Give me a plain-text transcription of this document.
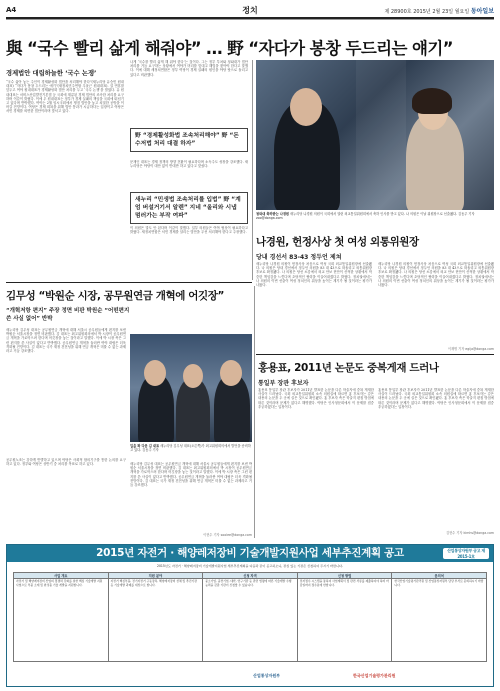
A4	정치	제 28900호 2015년 2월 23일 월요일 동아일보
與 “국수 빨리 삶게 해줘야” … 野 “자다가 봉창 두드리는 얘기”
경제법안 대립하늘한 ‘국수 논쟁’
“국수 삶아 놓는 주인이 경제활성화 법안을 처리해야 한다”(새누리당 유승민 원내대표) “자다가 봉창 두드리는 얘기”(새정치민주연합 우윤근 원내대표). 설 연휴를 앞두고 여야 원내대표가 경제활성화 법안 처리를 두고 ‘국수 논쟁’을 벌였다. 유 원내대표는 서비스산업발전기본법 등 국회에 계류된 경제 법안의 조속한 처리를 요구하며 이같이 밝혔다. 이에 우 원내대표는 정부가 경제 실패의 책임을 국회에 떠넘기고 있다며 반박했다. 여야는 2월 임시국회에서 쟁점 법안을 놓고 치열한 공방을 이어갈 전망이다. 여당은 경제 회복을 위해 법안 통과가 시급하다는 입장이고 야당은 서민 경제를 외면한 법안이라며 맞서고 있다.
나게 ‘국수를 빨리 삶게 해 줘야 한다’는 것이다. 그는 정부 부처와 청와대가 법안 처리를 거듭 요구하는 상황에서 여야가 머리를 맞대고 해법을 찾아야 한다고 말했다. 이에 대해 새정치연합은 정부 여당이 경제 실패의 원인을 야당 탓으로 돌리고 있다고 비판했다.
野 “경제활성화법 조속처리해야” 野 “돈수저법 처리 대결 하자”
문재인 대표는 경제 정책의 방향 전환이 필요하다며 소득주도 성장을 강조했다. 새누리당은 야당이 대안 없이 반대만 하고 있다고 맞섰다.
새누리 “민생법 조속처리를 입법” 野 “계엄 버설거기서 알렌” 지네 “올리와 시냅 멈러가는 부작 여파”
이 의원은 말도 안 된다며 이같이 말했다. 일부 의원들은 여야 협상이 필요하다고 밝혔다. 새정치연합은 서민 경제를 살리는 법안을 우선 처리해야 한다고 주장했다.
청와대 축하받는 나경원 새누리당 나경원 의원이 국회에서 열린 외교통일위원회에서 축하 인사를 받고 있다. 나 의원은 이날 위원장으로 선출됐다. 김동주 기자 zoo@donga.com
나경원, 헌정사상 첫 여성 외통위원장
당내 경선서 83-43 정두언 제쳐
새누리당 나경원 의원이 헌정사상 처음으로 여성 국회 외교통일위원장에 선출됐다. 나 의원은 당내 경선에서 정두언 의원을 83 대 43으로 따돌리고 외통위원장 후보로 확정됐다. 나 의원은 당선 소감에서 외교 안보 현안이 산적한 상황에서 막중한 책임감을 느낀다며 초당적인 협력을 이끌어내겠다고 밝혔다. 정치권에서는 나 의원의 이번 선출이 여성 정치인의 위상을 높이는 계기가 될 것이라는 평가가 나왔다.
새누리당 나경원 의원이 헌정사상 처음으로 여성 국회 외교통일위원장에 선출됐다. 나 의원은 당내 경선에서 정두언 의원을 83 대 43으로 따돌리고 외통위원장 후보로 확정됐다. 나 의원은 당선 소감에서 외교 안보 현안이 산적한 상황에서 막중한 책임감을 느낀다며 초당적인 협력을 이끌어내겠다고 밝혔다. 정치권에서는 나 의원의 이번 선출이 여성 정치인의 위상을 높이는 계기가 될 것이라는 평가가 나왔다.
이재명 기자 egija@donga.com
김무성 “박원순 시장, 공무원연금 개혁에 어깃장”
“개혁저항 편지” 주장 정면 비판 박원순 “어떤편지 쓴 사실 없어” 반박
새누리당 김무성 대표는 공무원연금 개혁에 대해 서울시 공무원들에게 편지를 보낸 박원순 서울시장을 정면 비판했다. 김 대표는 최고위원회의에서 박 시장이 공무원연금 개혁을 가로막으려 한다며 어깃장을 놓는 것이라고 말했다. 이에 박 시장 측은 그런 편지를 쓴 사실이 없다고 반박했다. 공무원연금 개혁을 둘러싼 여야 대립은 더욱 격화될 전망이다. 김 대표는 국가 재정 건전성을 위해 연금 개혁은 미룰 수 없는 과제라고 거듭 강조했다.
입을 꽉 다문 김 대표 새누리당 김무성 대표(오른쪽)가 최고위원회의에서 발언을 준비하고 있다. 김동주 기자
공무원노조는 강하게 반발하고 있으며 야당은 사회적 합의기구를 통한 논의를 요구하고 있다. 정부와 여당은 상반기 중 처리를 목표로 하고 있다.	새누리당 김무성 대표는 공무원연금 개혁에 대해 서울시 공무원들에게 편지를 보낸 박원순 서울시장을 정면 비판했다. 김 대표는 최고위원회의에서 박 시장이 공무원연금 개혁을 가로막으려 한다며 어깃장을 놓는 것이라고 말했다. 이에 박 시장 측은 그런 편지를 쓴 사실이 없다고 반박했다. 공무원연금 개혁을 둘러싼 여야 대립은 더욱 격화될 전망이다. 김 대표는 국가 재정 건전성을 위해 연금 개혁은 미룰 수 없는 과제라고 거듭 강조했다.
이현수 기자 soolee@donga.com
홍용표, 2011년 논문도 중복게재 드러나
통일부 장관 후보자
홍용표 통일부 장관 후보자가 2011년 발표한 논문을 다른 학술지에 중복 게재한 사실이 드러났다. 국회 외교통일위원회 소속 의원실에 따르면 홍 후보자는 같은 내용의 논문을 두 곳에 실은 것으로 확인됐다. 홍 후보자 측은 학술지 편집 방침에 따른 것이라며 문제가 없다고 해명했다. 야당은 인사청문회에서 이 문제를 집중 추궁하겠다는 입장이다.
홍용표 통일부 장관 후보자가 2011년 발표한 논문을 다른 학술지에 중복 게재한 사실이 드러났다. 국회 외교통일위원회 소속 의원실에 따르면 홍 후보자는 같은 내용의 논문을 두 곳에 실은 것으로 확인됐다. 홍 후보자 측은 학술지 편집 방침에 따른 것이라며 문제가 없다고 해명했다. 야당은 인사청문회에서 이 문제를 집중 추궁하겠다는 입장이다.
김현수 기자 kimhs@donga.com
2015년 자전거 · 해양레저장비 기술개발지원사업 세부추진계획 공고	산업통상자원부 공고 제2015-1호
2015년도 자전거 · 해양레저장비 기술개발지원사업 세부추진계획을 다음과 같이 공고하오니, 관심 있는 기관은 신청하여 주시기 바랍니다.
사업 개요
자전거 및 해양레저장비 산업의 경쟁력 강화를 위한 핵심 기술개발 지원 사업으로 부품 소재 및 완성품 기술 개발을 지원합니다.
지원 분야
자전거 핵심부품, 전기자전거 구동장치, 해양레저장비 선체 및 추진기관 등 기술개발 과제를 대상으로 합니다.
신청 자격
중소기업, 중견기업, 대학, 연구기관 등 관련 법령에 따른 기술개발 수행 능력을 갖춘 기관이 신청할 수 있습니다.
신청 방법
전자접수 시스템을 통하여 사업계획서 및 관련 서류를 제출하여야 하며 마감일까지 접수분에 한합니다.
문의처
한국산업기술평가관리원 및 산업통상자원부 담당 부서로 문의하시기 바랍니다.
산업통상자원부	한국산업기술평가관리원
